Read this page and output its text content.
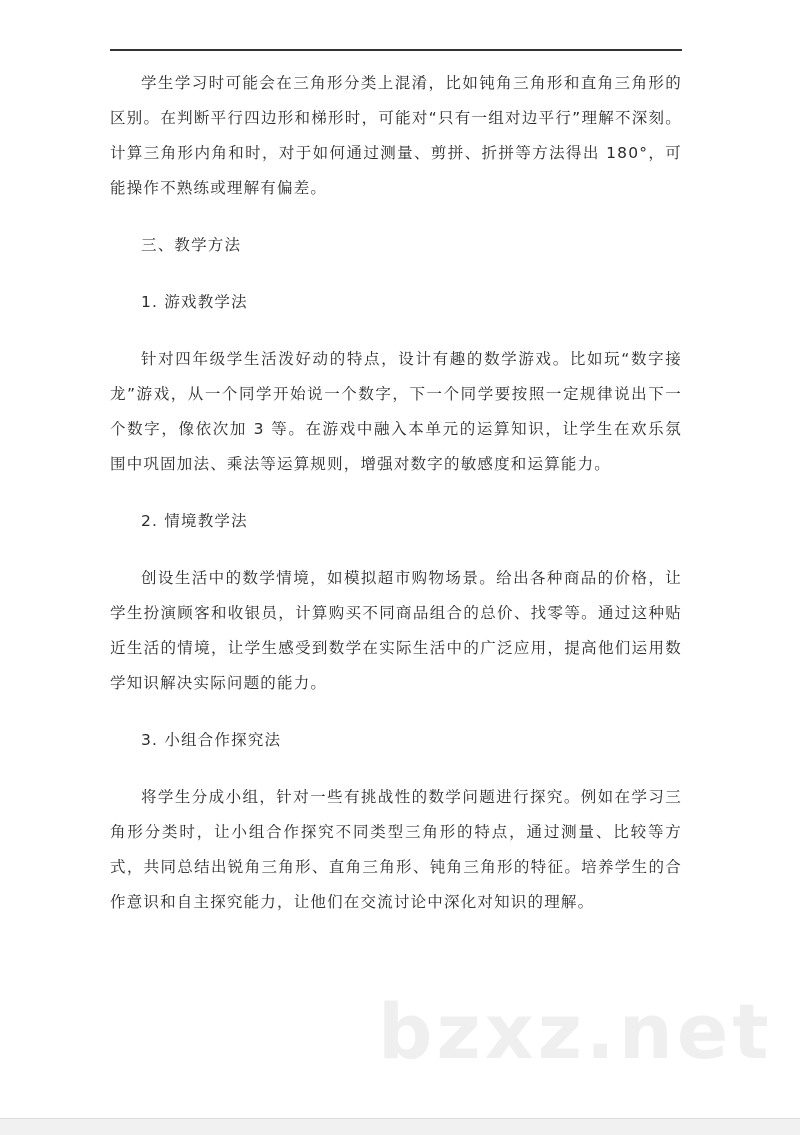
学生学习时可能会在三角形分类上混淆，比如钝角三角形和直角三角形的区别。在判断平行四边形和梯形时，可能对“只有一组对边平行”理解不深刻。计算三角形内角和时，对于如何通过测量、剪拼、折拼等方法得出 180°，可能操作不熟练或理解有偏差。

三、教学方法

1. 游戏教学法

针对四年级学生活泼好动的特点，设计有趣的数学游戏。比如玩“数字接龙”游戏，从一个同学开始说一个数字，下一个同学要按照一定规律说出下一个数字，像依次加 3 等。在游戏中融入本单元的运算知识，让学生在欢乐氛围中巩固加法、乘法等运算规则，增强对数字的敏感度和运算能力。

2. 情境教学法

创设生活中的数学情境，如模拟超市购物场景。给出各种商品的价格，让学生扮演顾客和收银员，计算购买不同商品组合的总价、找零等。通过这种贴近生活的情境，让学生感受到数学在实际生活中的广泛应用，提高他们运用数学知识解决实际问题的能力。

3. 小组合作探究法

将学生分成小组，针对一些有挑战性的数学问题进行探究。例如在学习三角形分类时，让小组合作探究不同类型三角形的特点，通过测量、比较等方式，共同总结出锐角三角形、直角三角形、钝角三角形的特征。培养学生的合作意识和自主探究能力，让他们在交流讨论中深化对知识的理解。

bzxz.net
